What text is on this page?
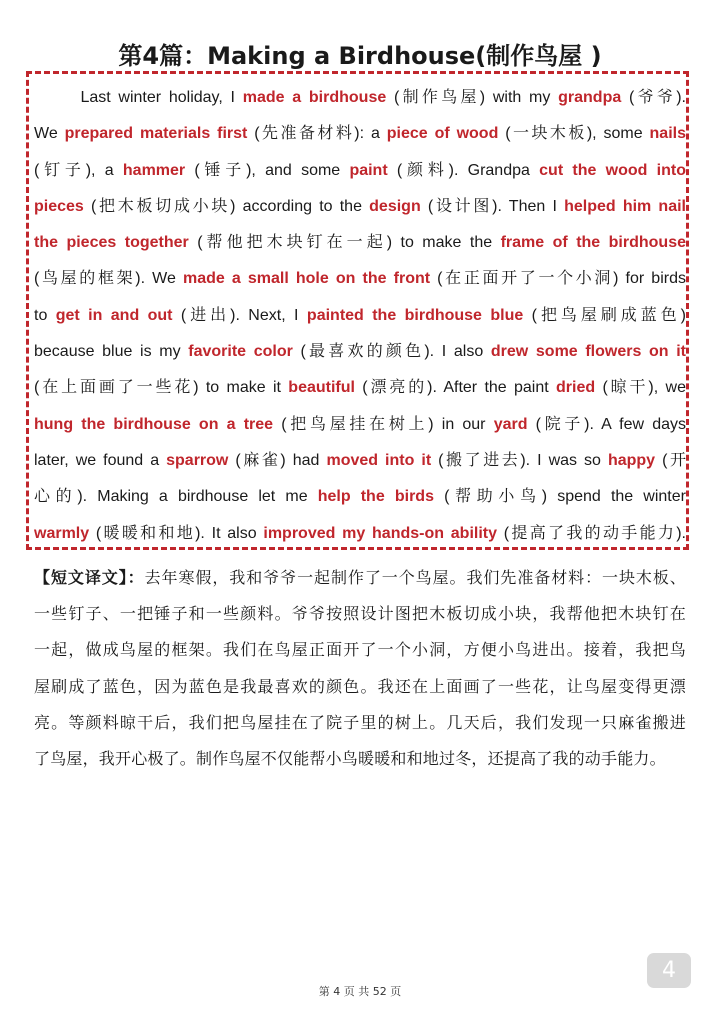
第4篇：Making a Birdhouse(制作鸟屋 )
Last winter holiday, I made a birdhouse (制作鸟屋) with my grandpa (爷爷).
We prepared materials first (先准备材料): a piece of wood (一块木板), some nails
(钉子), a hammer (锤子), and some paint (颜料). Grandpa cut the wood into
pieces (把木板切成小块) according to the design (设计图). Then I helped him nail
the pieces together (帮他把木块钉在一起) to make the frame of the birdhouse
(鸟屋的框架). We made a small hole on the front (在正面开了一个小洞) for birds
to get in and out (进出). Next, I painted the birdhouse blue (把鸟屋刷成蓝色)
because blue is my favorite color (最喜欢的颜色). I also drew some flowers on it
(在上面画了一些花) to make it beautiful (漂亮的). After the paint dried (晾干), we
hung the birdhouse on a tree (把鸟屋挂在树上) in our yard (院子). A few days
later, we found a sparrow (麻雀) had moved into it (搬了进去). I was so happy (开
心的). Making a birdhouse let me help the birds (帮助小鸟) spend the winter
warmly (暖暖和和地). It also improved my hands-on ability (提高了我的动手能力).
【短文译文】：去年寒假，我和爷爷一起制作了一个鸟屋。我们先准备材料：一块木板、
一些钉子、一把锤子和一些颜料。爷爷按照设计图把木板切成小块，我帮他把木块钉在
一起，做成鸟屋的框架。我们在鸟屋正面开了一个小洞，方便小鸟进出。接着，我把鸟
屋刷成了蓝色，因为蓝色是我最喜欢的颜色。我还在上面画了一些花，让鸟屋变得更漂
亮。等颜料晾干后，我们把鸟屋挂在了院子里的树上。几天后，我们发现一只麻雀搬进
了鸟屋，我开心极了。制作鸟屋不仅能帮小鸟暖暖和和地过冬，还提高了我的动手能力。
第 4 页 共 52 页
4
